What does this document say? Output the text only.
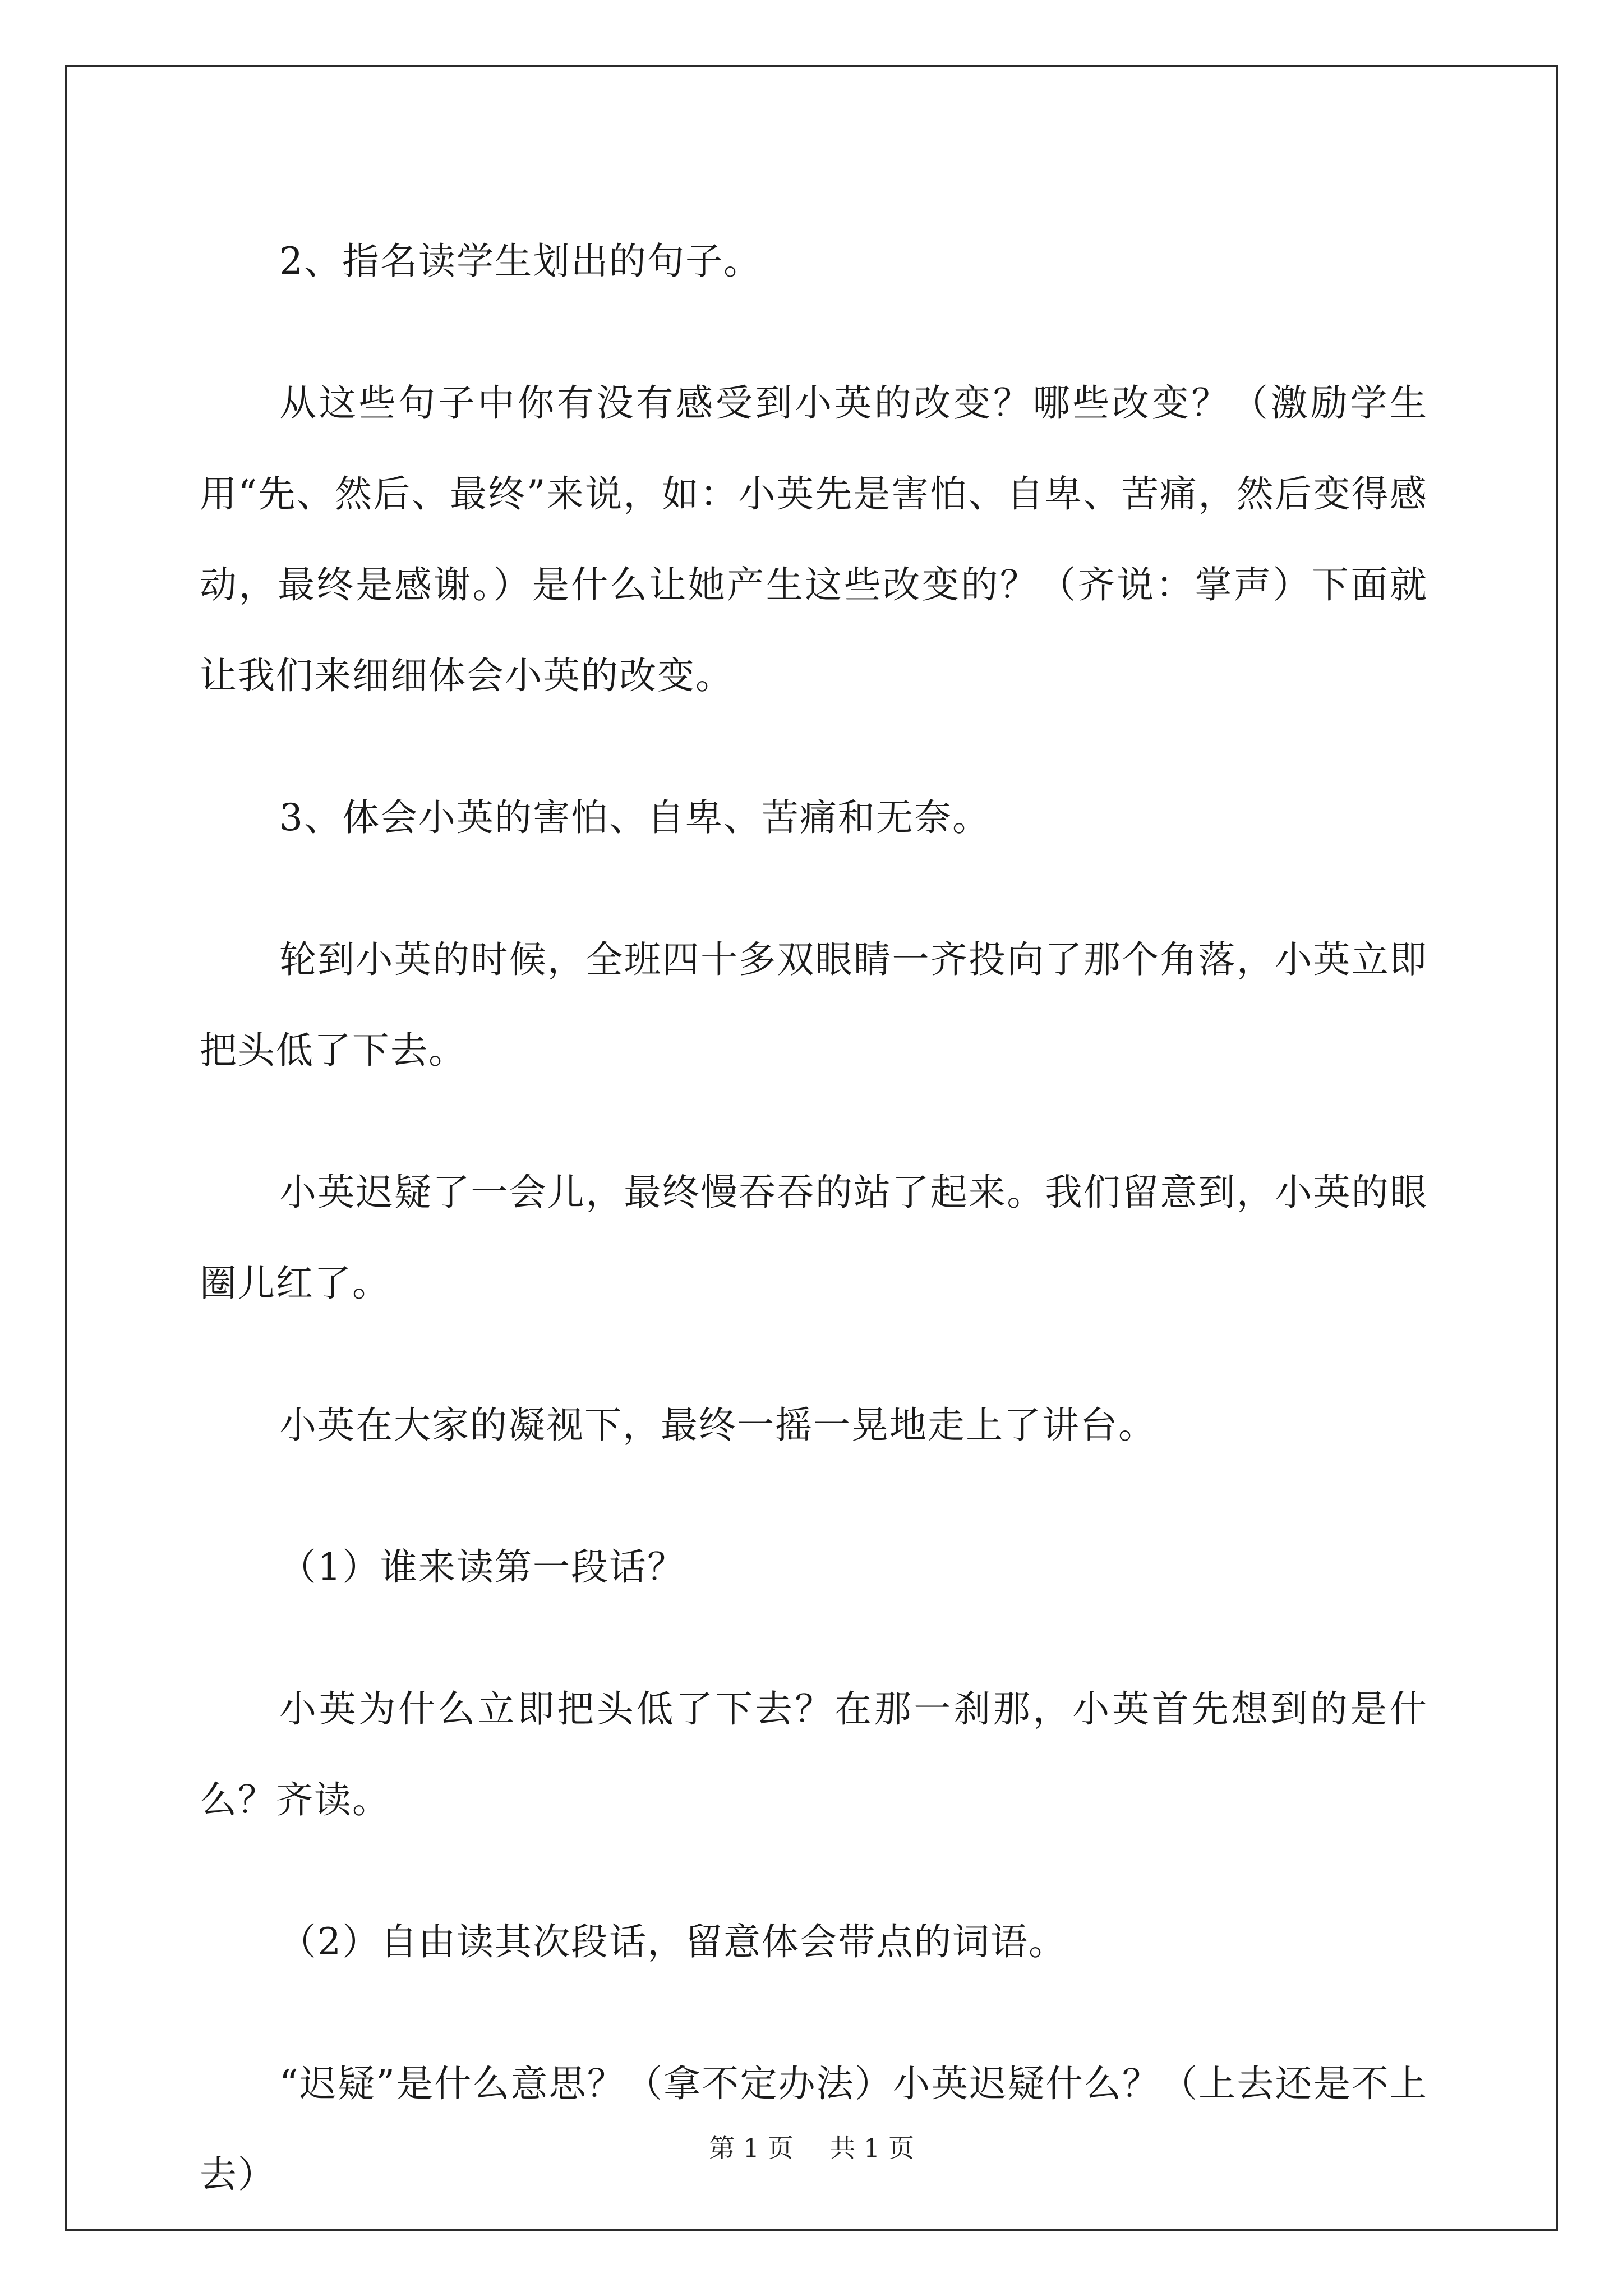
2、指名读学生划出的句子。

从这些句子中你有没有感受到小英的改变？哪些改变？（激励学生用“先、然后、最终”来说，如：小英先是害怕、自卑、苦痛，然后变得感动，最终是感谢。）是什么让她产生这些改变的？（齐说：掌声）下面就让我们来细细体会小英的改变。

3、体会小英的害怕、自卑、苦痛和无奈。

轮到小英的时候，全班四十多双眼睛一齐投向了那个角落，小英立即把头低了下去。

小英迟疑了一会儿，最终慢吞吞的站了起来。我们留意到，小英的眼圈儿红了。

小英在大家的凝视下，最终一摇一晃地走上了讲台。

（1）谁来读第一段话？

小英为什么立即把头低了下去？在那一刹那，小英首先想到的是什么？齐读。

（2）自由读其次段话，留意体会带点的词语。

“迟疑”是什么意思？（拿不定办法）小英迟疑什么？（上去还是不上去）

第 1 页 共 1 页
